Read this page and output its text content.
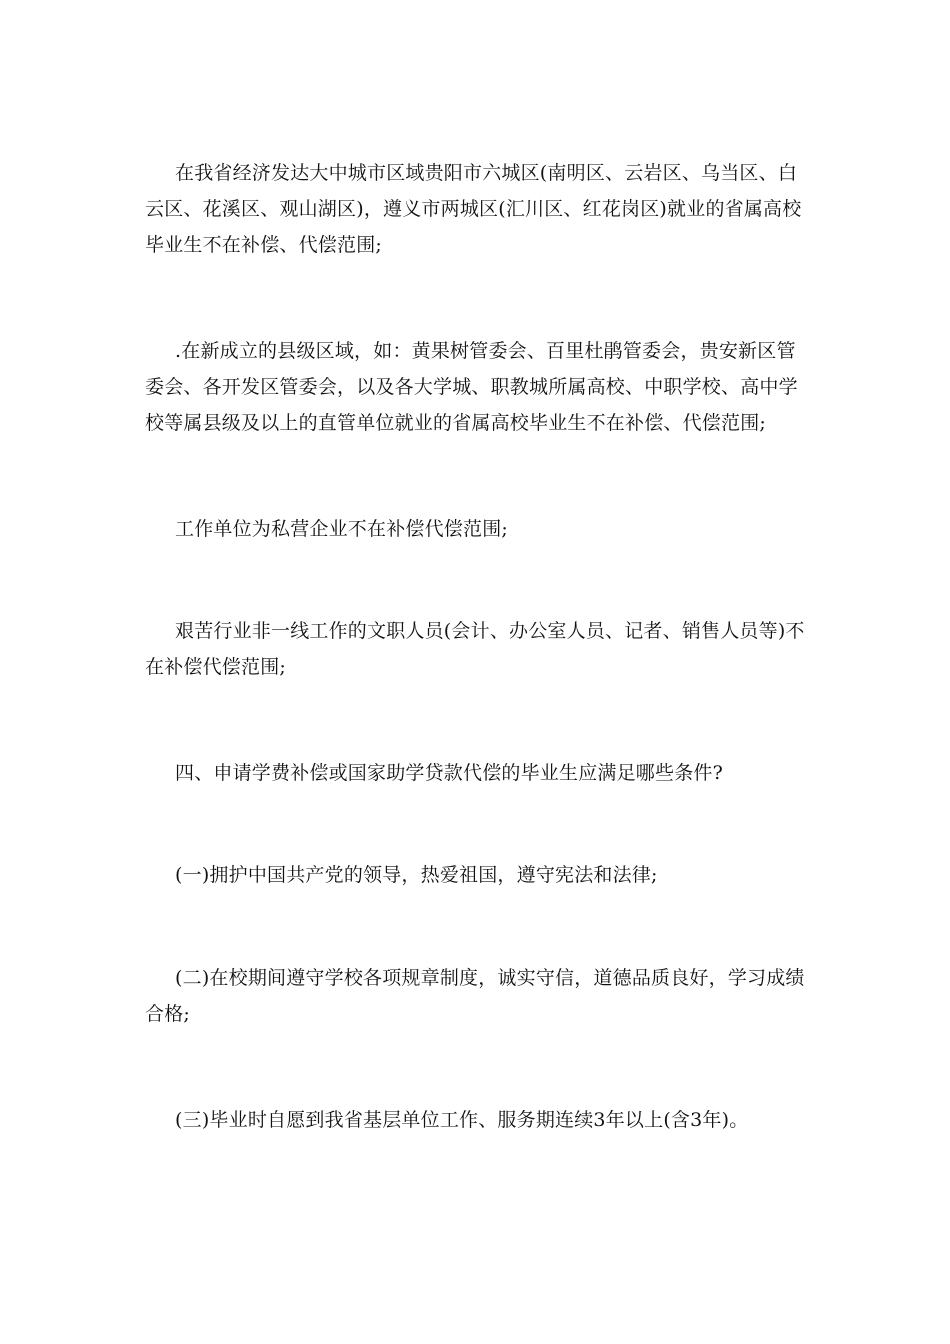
在我省经济发达大中城市区域贵阳市六城区(南明区、云岩区、乌当区、白
云区、花溪区、观山湖区)，遵义市两城区(汇川区、红花岗区)就业的省属高校
毕业生不在补偿、代偿范围;

.在新成立的县级区域，如：黄果树管委会、百里杜鹃管委会，贵安新区管
委会、各开发区管委会，以及各大学城、职教城所属高校、中职学校、高中学
校等属县级及以上的直管单位就业的省属高校毕业生不在补偿、代偿范围;

工作单位为私营企业不在补偿代偿范围;

艰苦行业非一线工作的文职人员(会计、办公室人员、记者、销售人员等)不
在补偿代偿范围;

四、申请学费补偿或国家助学贷款代偿的毕业生应满足哪些条件?

(一)拥护中国共产党的领导，热爱祖国，遵守宪法和法律;

(二)在校期间遵守学校各项规章制度，诚实守信，道德品质良好，学习成绩
合格;

(三)毕业时自愿到我省基层单位工作、服务期连续3年以上(含3年)。
